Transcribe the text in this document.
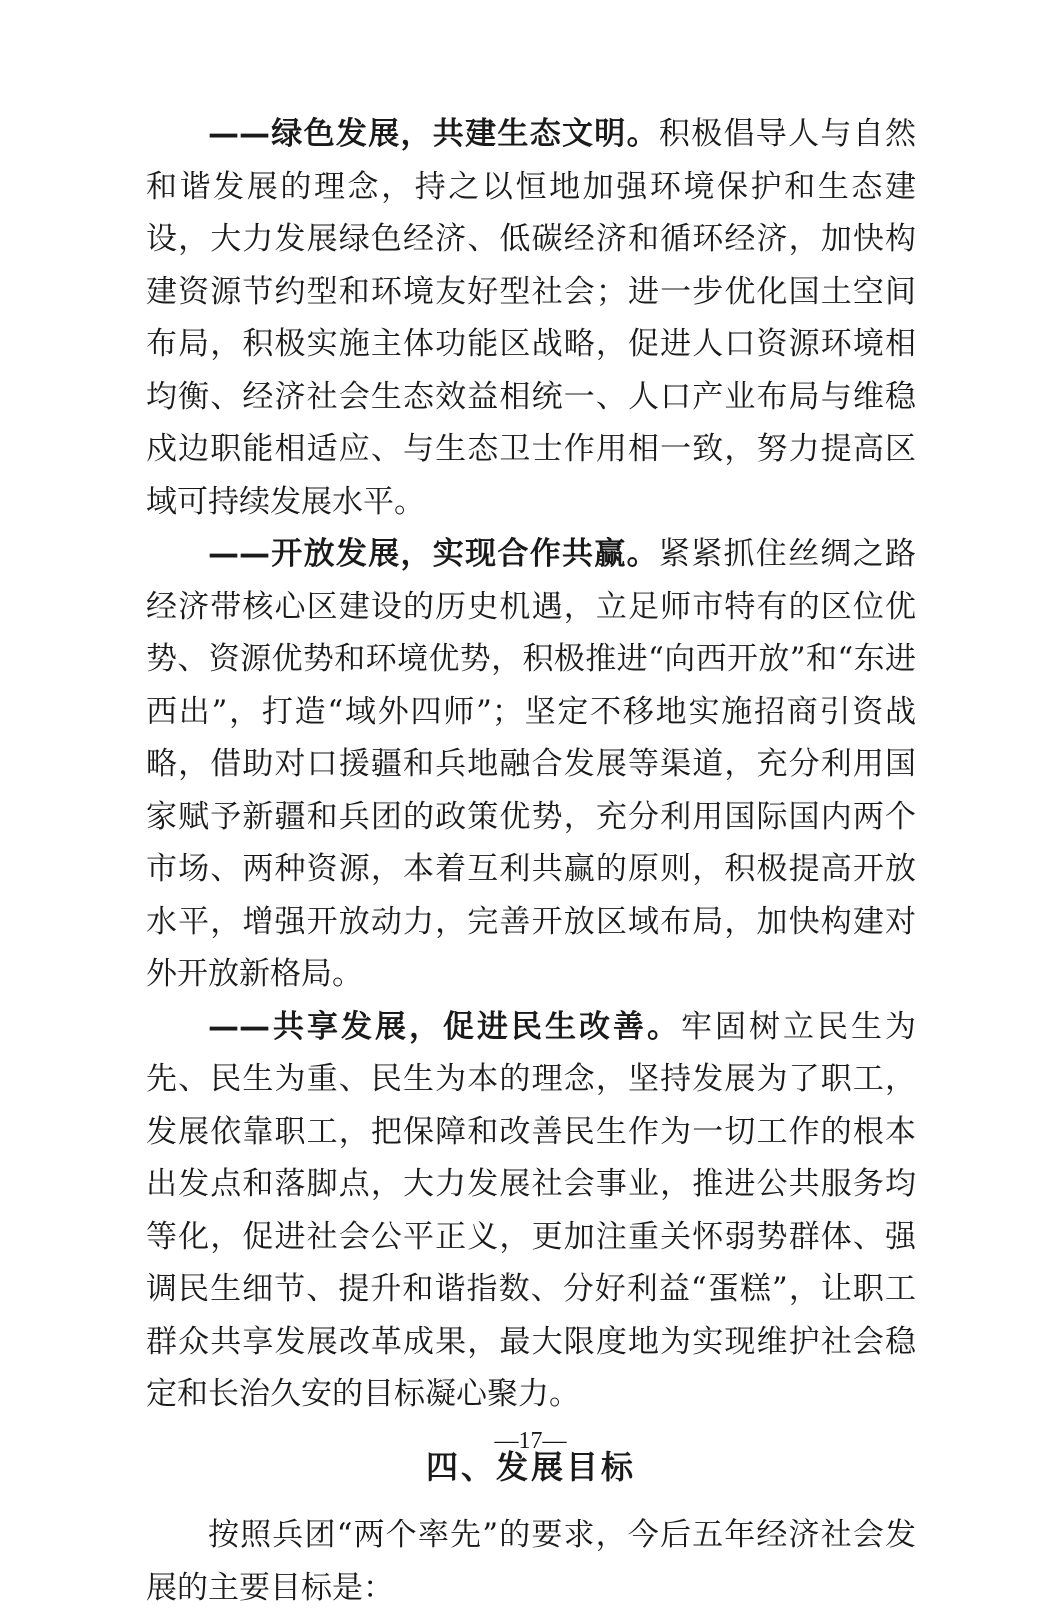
——绿色发展，共建生态文明。积极倡导人与自然和谐发展的理念，持之以恒地加强环境保护和生态建设，大力发展绿色经济、低碳经济和循环经济，加快构建资源节约型和环境友好型社会；进一步优化国土空间布局，积极实施主体功能区战略，促进人口资源环境相均衡、经济社会生态效益相统一、人口产业布局与维稳戍边职能相适应、与生态卫士作用相一致，努力提高区域可持续发展水平。

——开放发展，实现合作共赢。紧紧抓住丝绸之路经济带核心区建设的历史机遇，立足师市特有的区位优势、资源优势和环境优势，积极推进“向西开放”和“东进西出”，打造“域外四师”；坚定不移地实施招商引资战略，借助对口援疆和兵地融合发展等渠道，充分利用国家赋予新疆和兵团的政策优势，充分利用国际国内两个市场、两种资源，本着互利共赢的原则，积极提高开放水平，增强开放动力，完善开放区域布局，加快构建对外开放新格局。

——共享发展，促进民生改善。牢固树立民生为先、民生为重、民生为本的理念，坚持发展为了职工，发展依靠职工，把保障和改善民生作为一切工作的根本出发点和落脚点，大力发展社会事业，推进公共服务均等化，促进社会公平正义，更加注重关怀弱势群体、强调民生细节、提升和谐指数、分好利益“蛋糕”，让职工群众共享发展改革成果，最大限度地为实现维护社会稳定和长治久安的目标凝心聚力。

四、发展目标

按照兵团“两个率先”的要求，今后五年经济社会发展的主要目标是：

—17—
